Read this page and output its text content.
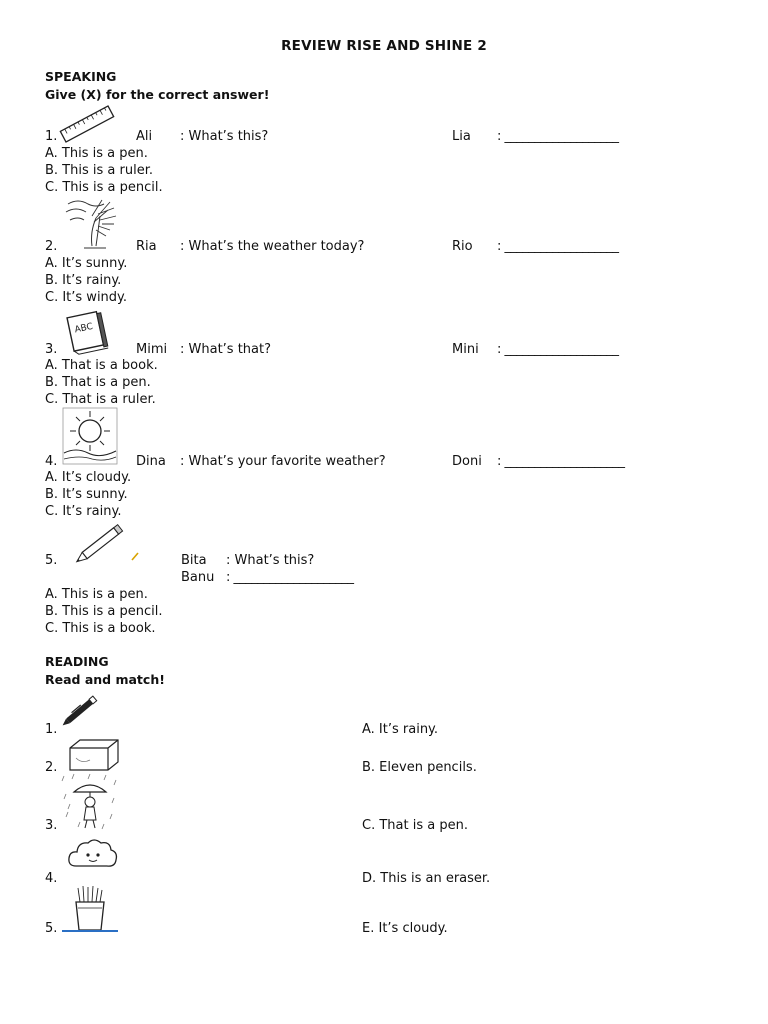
REVIEW RISE AND SHINE 2
SPEAKING
Give (X) for the correct answer!
1.	Ali : What’s this?	Lia : ___________________
A. This is a pen.
B. This is a ruler.
C. This is a pencil.
2.	Ria : What’s the weather today?	Rio : ___________________
A. It’s sunny.
B. It’s rainy.
C. It’s windy.
ABC
3.	Mimi : What’s that?	Mini : ___________________
A. That is a book.
B. That is a pen.
C. That is a ruler.
4.	Dina : What’s your favorite weather?	Doni : ____________________
A. It’s cloudy.
B. It’s sunny.
C. It’s rainy.
5.	Bita : What’s this?
Banu : ____________________
A. This is a pen.
B. This is a pencil.
C. This is a book.
READING
Read and match!
1.	A. It’s rainy.
2.	B. Eleven pencils.
3.	C. That is a pen.
4.	D. This is an eraser.
5.	E. It’s cloudy.
